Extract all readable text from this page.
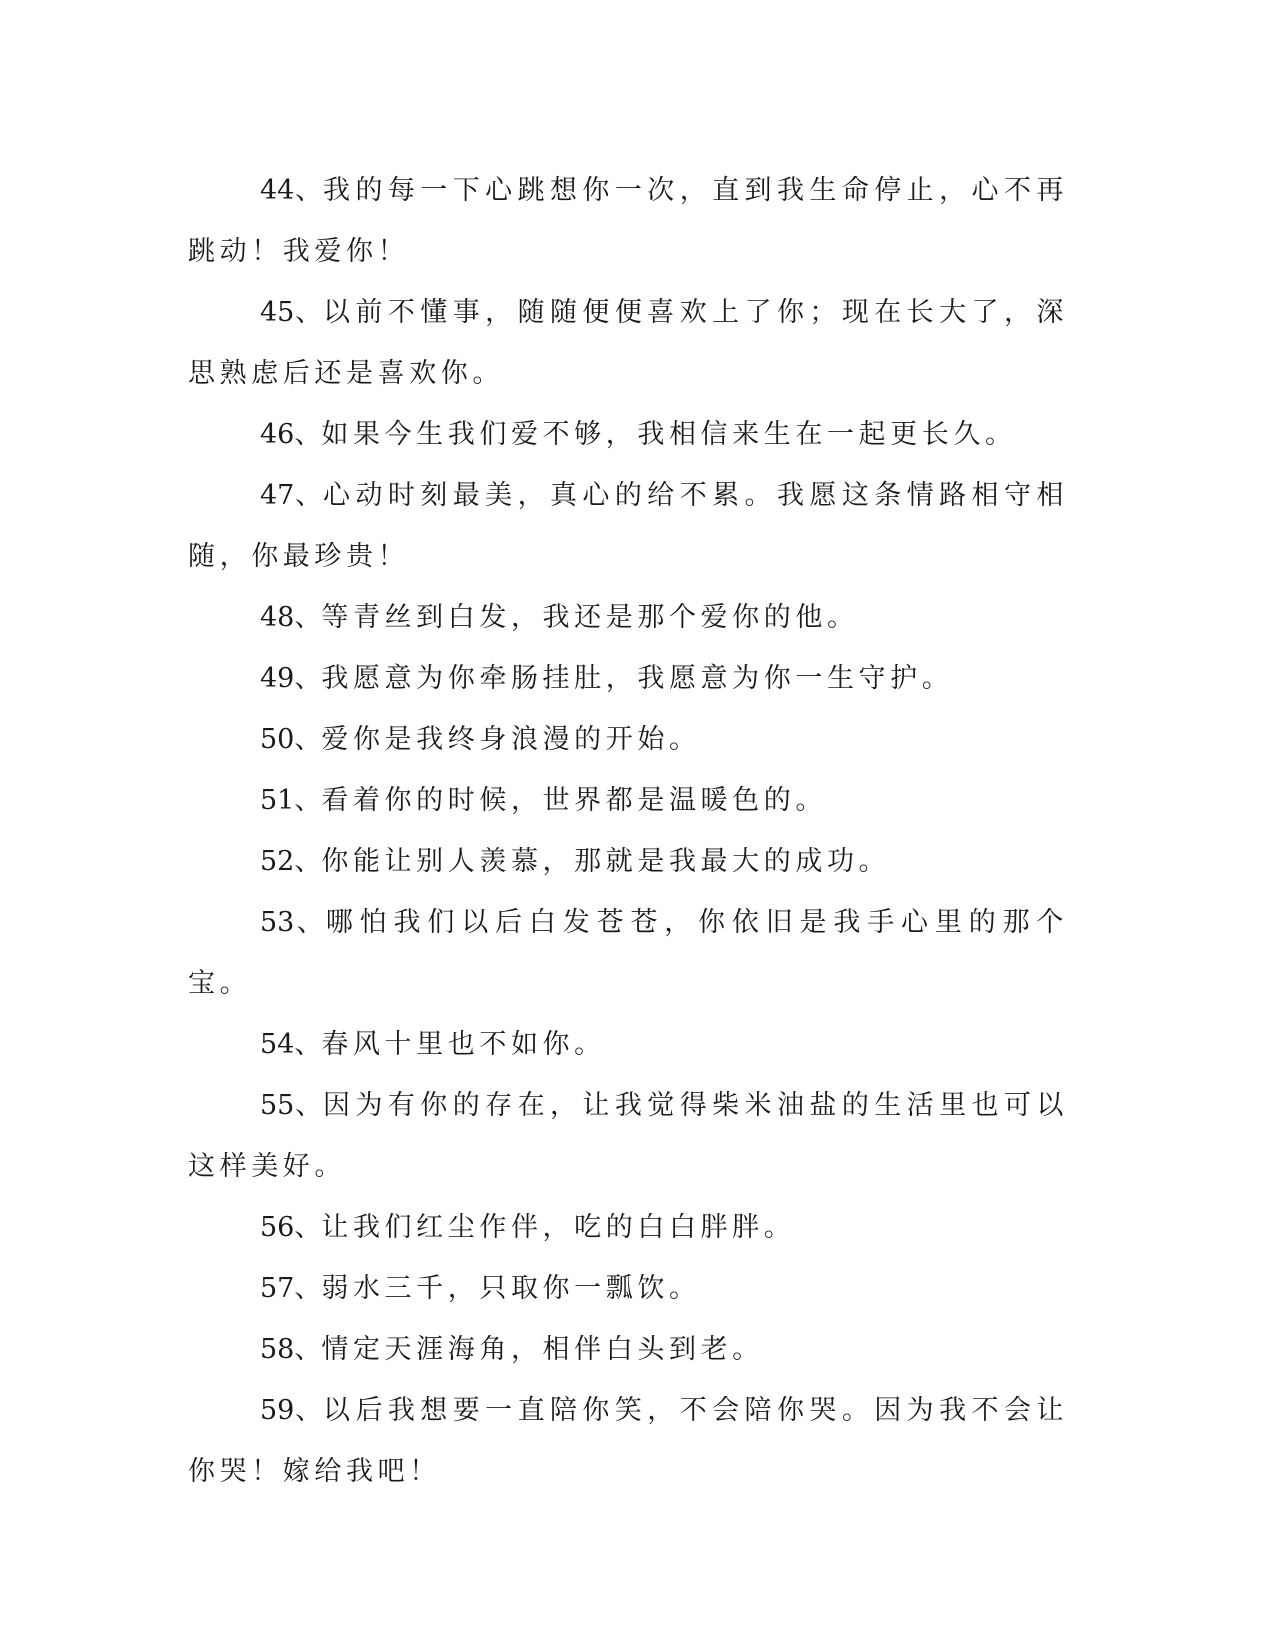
44、我的每一下心跳想你一次，直到我生命停止，心不再跳动！我爱你！

45、以前不懂事，随随便便喜欢上了你；现在长大了，深思熟虑后还是喜欢你。

46、如果今生我们爱不够，我相信来生在一起更长久。

47、心动时刻最美，真心的给不累。我愿这条情路相守相随，你最珍贵！

48、等青丝到白发，我还是那个爱你的他。

49、我愿意为你牵肠挂肚，我愿意为你一生守护。

50、爱你是我终身浪漫的开始。

51、看着你的时候，世界都是温暖色的。

52、你能让别人羡慕，那就是我最大的成功。

53、哪怕我们以后白发苍苍，你依旧是我手心里的那个宝。

54、春风十里也不如你。

55、因为有你的存在，让我觉得柴米油盐的生活里也可以这样美好。

56、让我们红尘作伴，吃的白白胖胖。

57、弱水三千，只取你一瓢饮。

58、情定天涯海角，相伴白头到老。

59、以后我想要一直陪你笑，不会陪你哭。因为我不会让你哭！嫁给我吧！
